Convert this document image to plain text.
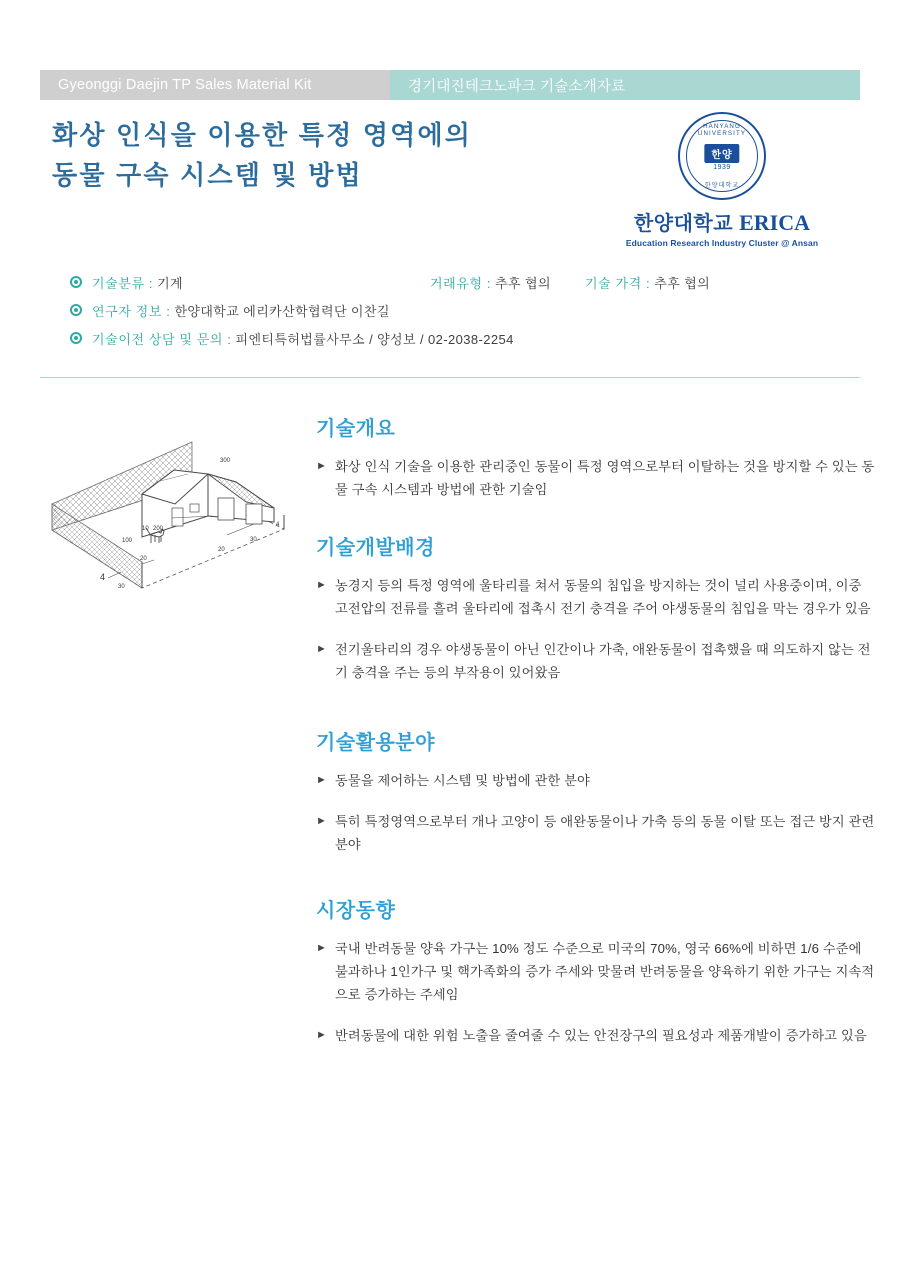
Gyeonggi Daejin TP Sales Material Kit	경기대진테크노파크 기술소개자료
화상 인식을 이용한 특정 영역에의
동물 구속 시스템 및 방법
HANYANG UNIVERSITY
한양
1939
한양대학교
한양대학교 ERICA
Education Research Industry Cluster @ Ansan
기술분류 : 기계	거래유형 : 추후 협의	기술 가격 : 추후 협의
연구자 정보 : 한양대학교 에리카산학협력단 이찬길
기술이전 상담 및 문의 : 피엔티특허법률사무소 / 양성보 / 02-2038-2254
300
10 200
100
4
20
30
20
4
30
기술개요
► 화상 인식 기술을 이용한 관리중인 동물이 특정 영역으로부터 이탈하는 것을 방지할 수 있는 동물 구속 시스템과 방법에 관한 기술임
기술개발배경
► 농경지 등의 특정 영역에 울타리를 쳐서 동물의 침입을 방지하는 것이 널리 사용중이며, 이중 고전압의 전류를 흘려 울타리에 접촉시 전기 충격을 주어 야생동물의 침입을 막는 경우가 있음
► 전기울타리의 경우 야생동물이 아닌 인간이나 가축, 애완동물이 접촉했을 때 의도하지 않는 전기 충격을 주는 등의 부작용이 있어왔음
기술활용분야
► 동물을 제어하는 시스템 및 방법에 관한 분야
► 특히 특정영역으로부터 개나 고양이 등 애완동물이나 가축 등의 동물 이탈 또는 접근 방지 관련 분야
시장동향
► 국내 반려동물 양육 가구는 10% 정도 수준으로 미국의 70%, 영국 66%에 비하면 1/6 수준에 불과하나 1인가구 및 핵가족화의 증가 주세와 맞물려 반려동물을 양육하기 위한 가구는 지속적으로 증가하는 주세임
► 반려동물에 대한 위험 노출을 줄여줄 수 있는 안전장구의 필요성과 제품개발이 증가하고 있음
